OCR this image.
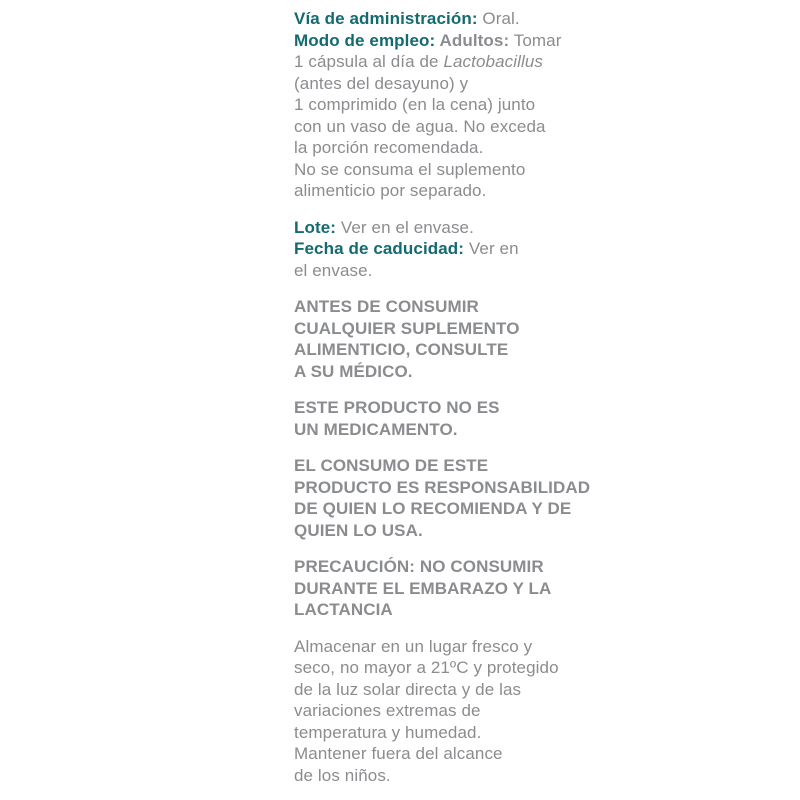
Vía de administración: Oral.
Modo de empleo: Adultos: Tomar
1 cápsula al día de Lactobacillus
(antes del desayuno) y
1 comprimido (en la cena) junto
con un vaso de agua. No exceda
la porción recomendada.
No se consuma el suplemento
alimenticio por separado.
Lote: Ver en el envase.
Fecha de caducidad: Ver en
el envase.
ANTES DE CONSUMIR
CUALQUIER SUPLEMENTO
ALIMENTICIO, CONSULTE
A SU MÉDICO.
ESTE PRODUCTO NO ES
UN MEDICAMENTO.
EL CONSUMO DE ESTE
PRODUCTO ES RESPONSABILIDAD
DE QUIEN LO RECOMIENDA Y DE
QUIEN LO USA.
PRECAUCIÓN: NO CONSUMIR
DURANTE EL EMBARAZO Y LA
LACTANCIA
Almacenar en un lugar fresco y
seco, no mayor a 21ºC y protegido
de la luz solar directa y de las
variaciones extremas de
temperatura y humedad.
Mantener fuera del alcance
de los niños.
